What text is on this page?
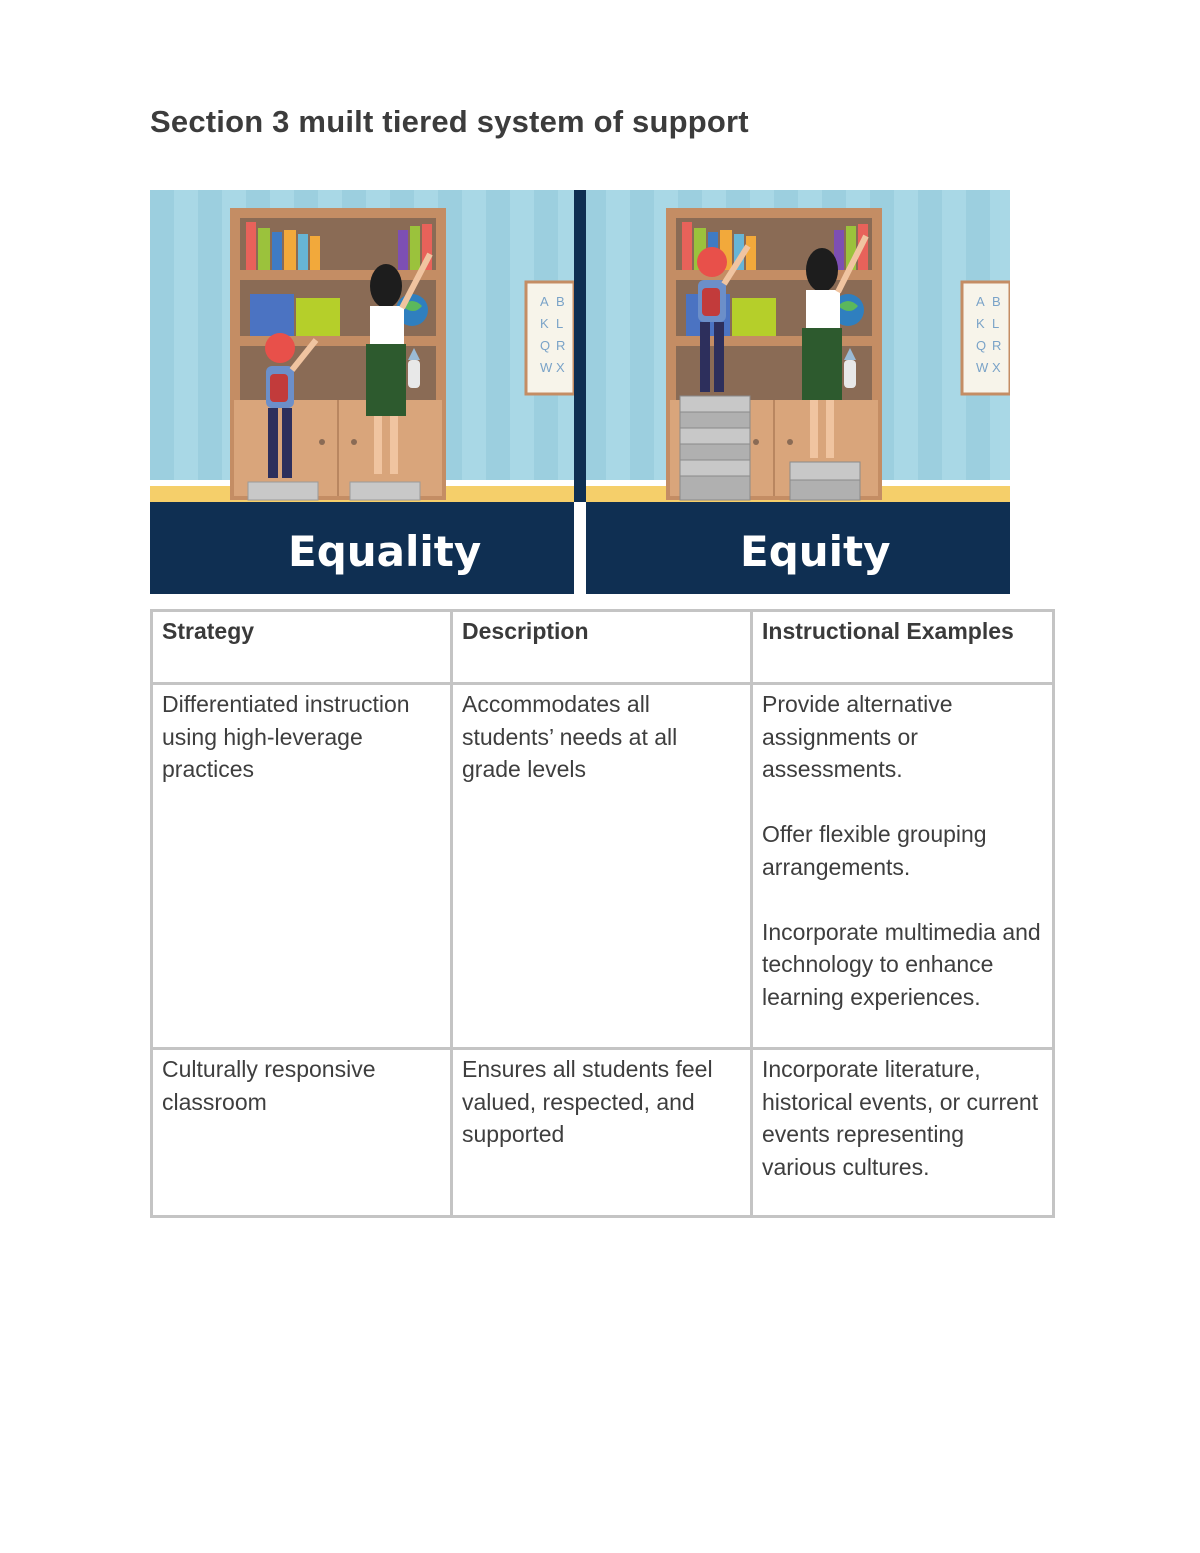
Section 3 muilt tiered system of support
A B
K L
Q R
W X
Equality
A B
K L
Q R
W X
Equity
Strategy	Description	Instructional Examples
Differentiated instruction using high-leverage practices	Accommodates all students’ needs at all grade levels	Provide alternative assignments or assessments.
Offer flexible grouping arrangements.
Incorporate multimedia and technology to enhance learning experiences.

Culturally responsive classroom	Ensures all students feel valued, respected, and supported	Incorporate literature, historical events, or current events representing various cultures.
